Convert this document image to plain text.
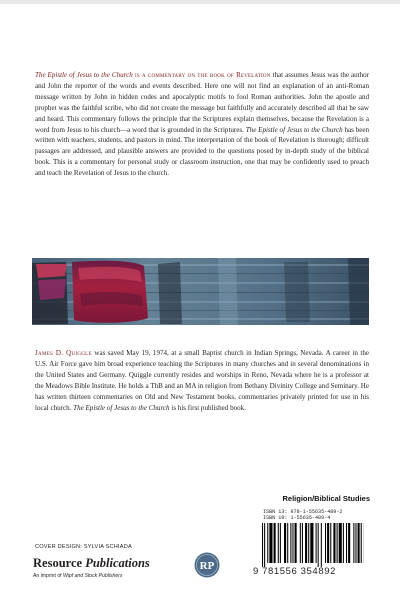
The Epistle of Jesus to the Church is a commentary on the book of Revelation that assumes Jesus was the author and John the reporter of the words and events described. Here one will not find an explanation of an anti-Roman message written by John in hidden codes and apocalyptic motifs to fool Roman authorities. John the apostle and prophet was the faithful scribe, who did not create the message but faithfully and accurately described all that he saw and heard. This commentary follows the principle that the Scriptures explain themselves, because the Revelation is a word from Jesus to his church—a word that is grounded in the Scriptures. The Epistle of Jesus to the Church has been written with teachers, students, and pastors in mind. The interpretation of the book of Revelation is thorough; difficult passages are addressed, and plausible answers are provided to the questions posed by in-depth study of the biblical book. This is a commentary for personal study or classroom instruction, one that may be confidently used to preach and teach the Revelation of Jesus to the church.
James D. Quiggle was saved May 19, 1974, at a small Baptist church in Indian Springs, Nevada. A career in the U.S. Air Force gave him broad experience teaching the Scriptures in many churches and in several denominations in the United States and Germany. Quiggle currently resides and worships in Reno, Nevada where he is a professor at the Meadows Bible Institute. He holds a ThB and an MA in religion from Bethany Divinity College and Seminary. He has written thirteen commentaries on Old and New Testament books, commentaries privately printed for use in his local church. The Epistle of Jesus to the Church is his first published book.
Religion/Biblical Studies
ISBN 13: 978-1-55635-489-2
ISBN 10: 1-55635-489-4
9 781556 354892
COVER DESIGN: SYLVIA SCHIADA
Resource Publications
An imprint of Wipf and Stock Publishers
RP
